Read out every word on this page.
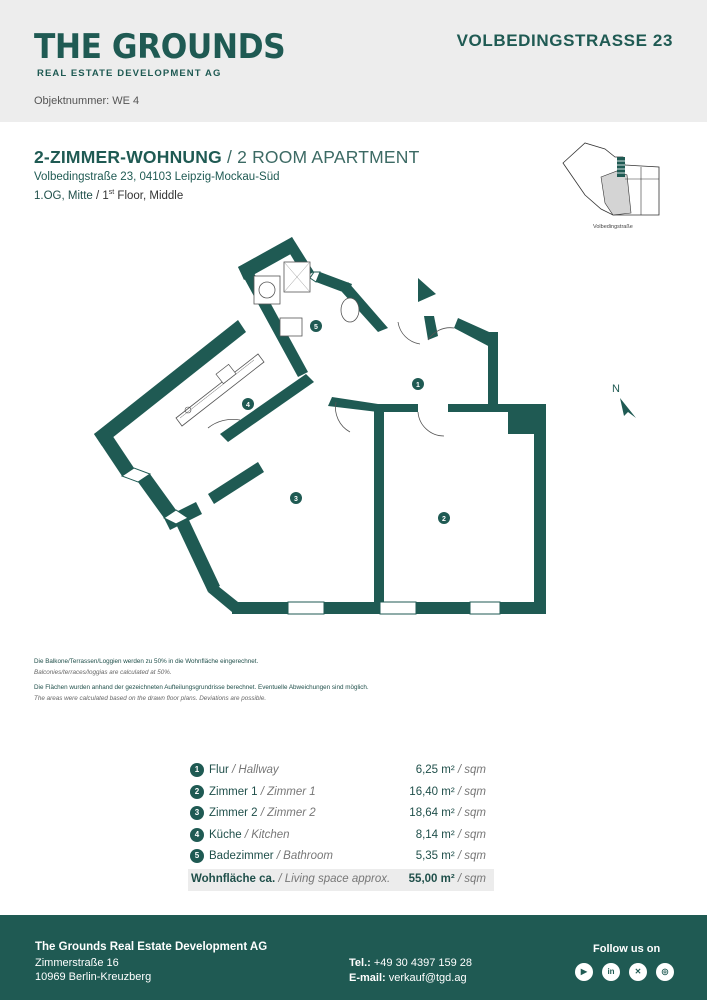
THE GROUNDS
REAL ESTATE DEVELOPMENT AG
VOLBEDINGSTRASSE 23
Objektnummer: WE 4
2-ZIMMER-WOHNUNG / 2 ROOM APARTMENT
Volbedingstraße 23, 04103 Leipzig-Mockau-Süd
1.OG, Mitte / 1st Floor, Middle
Volbedingstraße
1
2
3
4
5
N
Die Balkone/Terrassen/Loggien werden zu 50% in die Wohnfläche eingerechnet.
Balconies/terraces/loggias are calculated at 50%.
Die Flächen wurden anhand der gezeichneten Aufteilungsgrundrisse berechnet. Eventuelle Abweichungen sind möglich.
The areas were calculated based on the drawn floor plans. Deviations are possible.
1 Flur / Hallway	6,25 m² / sqm
2 Zimmer 1 / Zimmer 1	16,40 m² / sqm
3 Zimmer 2 / Zimmer 2	18,64 m² / sqm
4 Küche / Kitchen	8,14 m² / sqm
5 Badezimmer / Bathroom	5,35 m² / sqm
Wohnfläche ca. / Living space approx. 55,00 m² / sqm
The Grounds Real Estate Development AG
Zimmerstraße 16
10969 Berlin-Kreuzberg
Tel.: +49 30 4397 159 28
E-mail: verkauf@tgd.ag
Follow us on
▶	in	✕	◎
